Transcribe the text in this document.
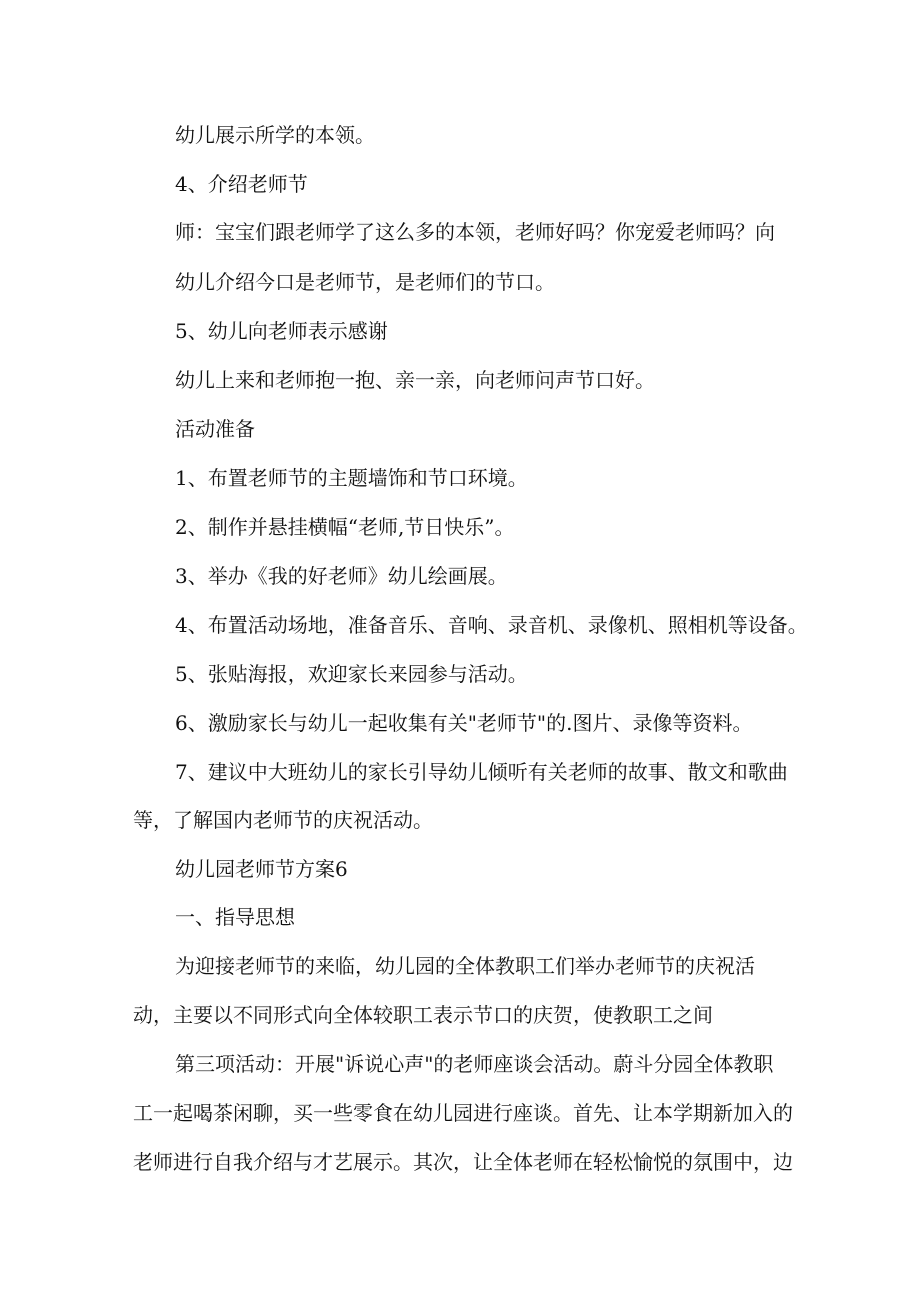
幼儿展示所学的本领。

4、介绍老师节

师：宝宝们跟老师学了这么多的本领，老师好吗？你宠爱老师吗？向

幼儿介绍今口是老师节，是老师们的节口。

5、幼儿向老师表示感谢

幼儿上来和老师抱一抱、亲一亲，向老师问声节口好。

活动准备

1、布置老师节的主题墙饰和节口环境。

2、制作并悬挂横幅“老师,节日快乐”。

3、举办《我的好老师》幼儿绘画展。

4、布置活动场地，准备音乐、音响、录音机、录像机、照相机等设备。

5、张贴海报，欢迎家长来园参与活动。

6、激励家长与幼儿一起收集有关"老师节"的.图片、录像等资料。

7、建议中大班幼儿的家长引导幼儿倾听有关老师的故事、散文和歌曲

等，了解国内老师节的庆祝活动。

幼儿园老师节方案6

一、指导思想

为迎接老师节的来临，幼儿园的全体教职工们举办老师节的庆祝活

动，主要以不同形式向全体较职工表示节口的庆贺，使教职工之间

第三项活动：开展"诉说心声"的老师座谈会活动。蔚斗分园全体教职

工一起喝茶闲聊，买一些零食在幼儿园进行座谈。首先、让本学期新加入的

老师进行自我介绍与才艺展示。其次，让全体老师在轻松愉悦的氛围中，边
